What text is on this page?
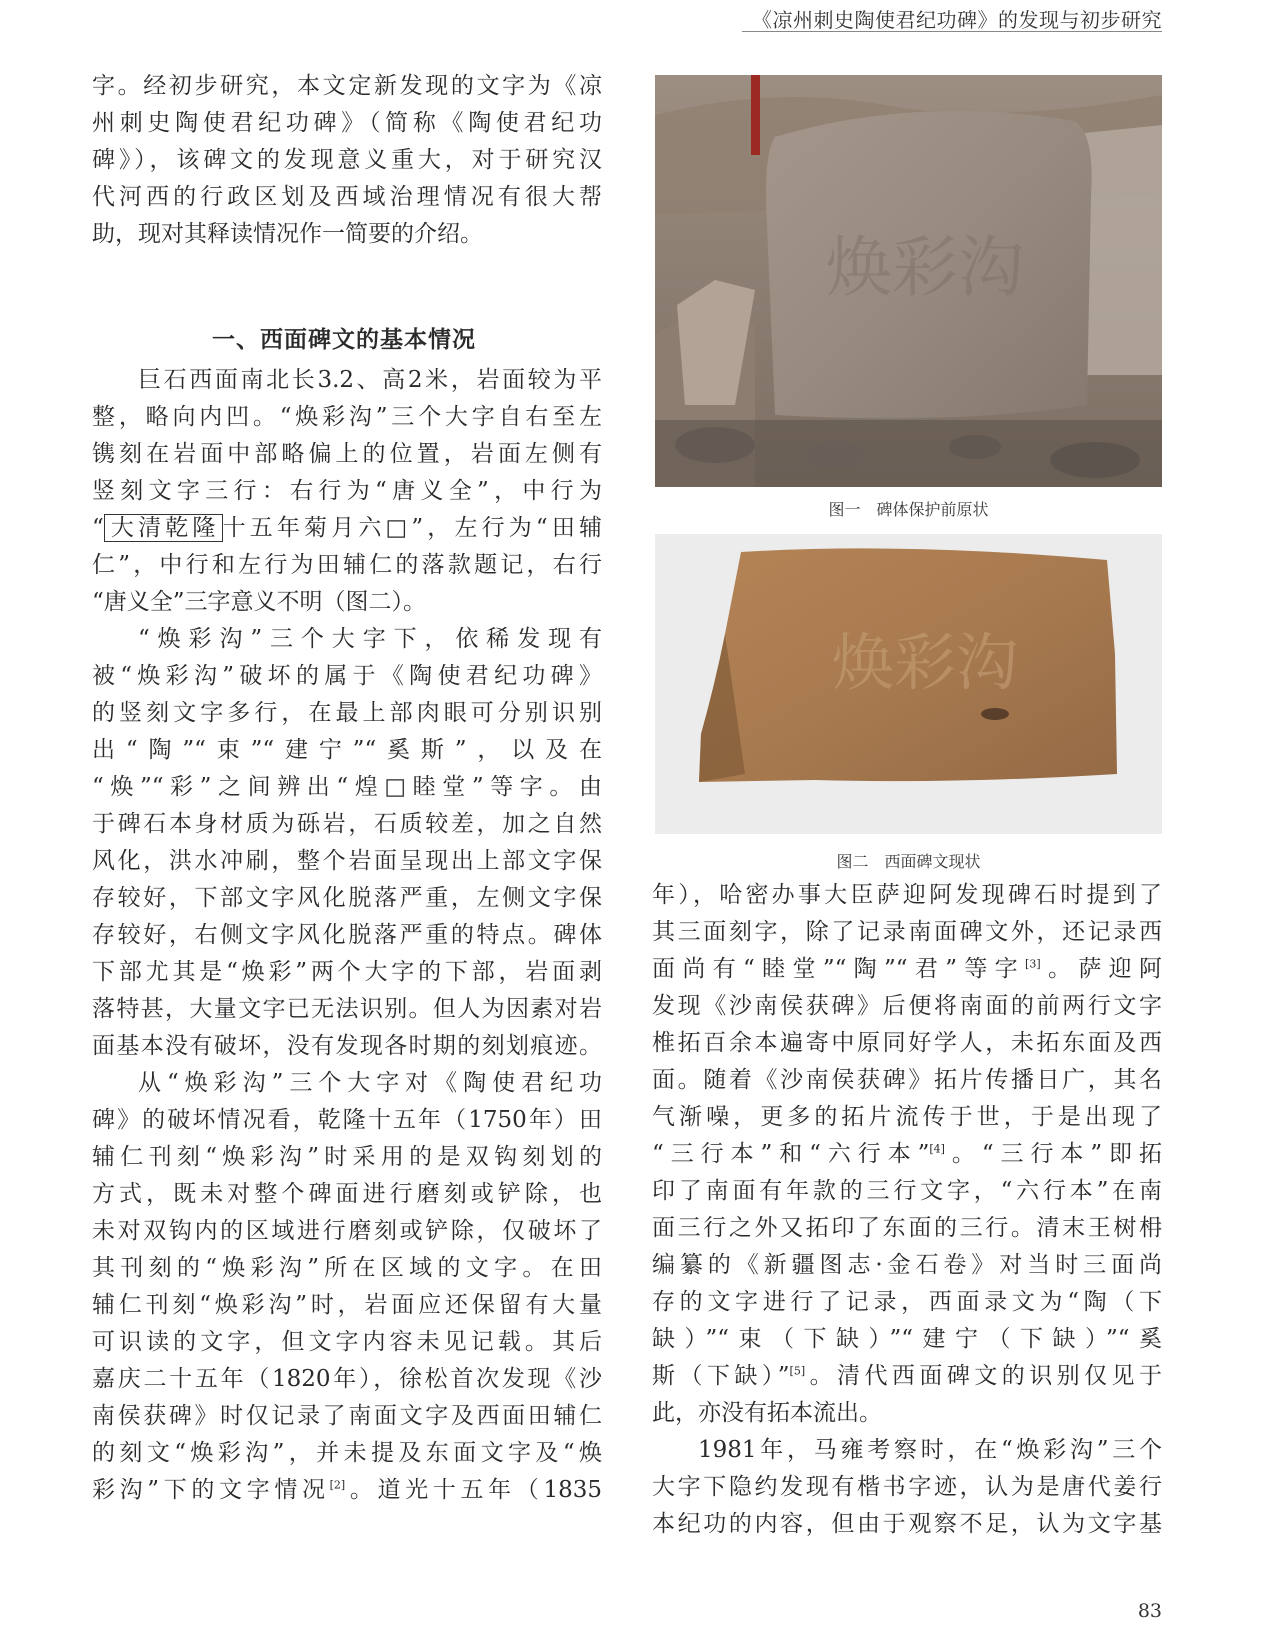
《凉州刺史陶使君纪功碑》的发现与初步研究

字。经初步研究，本文定新发现的文字为《凉
州刺史陶使君纪功碑》（简称《陶使君纪功
碑》），该碑文的发现意义重大，对于研究汉
代河西的行政区划及西域治理情况有很大帮
助，现对其释读情况作一简要的介绍。

一、西面碑文的基本情况

巨石西面南北长3.2、高2米，岩面较为平
整，略向内凹。“焕彩沟”三个大字自右至左
镌刻在岩面中部略偏上的位置，岩面左侧有
竖刻文字三行：右行为“唐义全”，中行为
“ 大清乾隆 十五年菊月六□”，左行为“田辅
仁”，中行和左行为田辅仁的落款题记，右行
“唐义全”三字意义不明（图二）。

“焕彩沟”三个大字下，依稀发现有
被“焕彩沟”破坏的属于《陶使君纪功碑》
的竖刻文字多行，在最上部肉眼可分别识别
出“陶”“束”“建宁”“奚斯”，以及在
“焕”“彩”之间辨出“煌□睦堂”等字。由
于碑石本身材质为砾岩，石质较差，加之自然
风化，洪水冲刷，整个岩面呈现出上部文字保
存较好，下部文字风化脱落严重，左侧文字保
存较好，右侧文字风化脱落严重的特点。碑体
下部尤其是“焕彩”两个大字的下部，岩面剥
落特甚，大量文字已无法识别。但人为因素对岩
面基本没有破坏，没有发现各时期的刻划痕迹。

从“焕彩沟”三个大字对《陶使君纪功
碑》的破坏情况看，乾隆十五年（1750年）田
辅仁刊刻“焕彩沟”时采用的是双钩刻划的
方式，既未对整个碑面进行磨刻或铲除，也
未对双钩内的区域进行磨刻或铲除，仅破坏了
其刊刻的“焕彩沟”所在区域的文字。在田
辅仁刊刻“焕彩沟”时，岩面应还保留有大量
可识读的文字，但文字内容未见记载。其后
嘉庆二十五年（1820年），徐松首次发现《沙
南侯获碑》时仅记录了南面文字及西面田辅仁
的刻文“焕彩沟”，并未提及东面文字及“焕
彩沟”下的文字情况[2]。道光十五年（1835

焕彩沟
图一　碑体保护前原状
焕彩沟
图二　西面碑文现状

年），哈密办事大臣萨迎阿发现碑石时提到了
其三面刻字，除了记录南面碑文外，还记录西
面尚有“睦堂”“陶”“君”等字[3]。萨迎阿
发现《沙南侯获碑》后便将南面的前两行文字
椎拓百余本遍寄中原同好学人，未拓东面及西
面。随着《沙南侯获碑》拓片传播日广，其名
气渐噪，更多的拓片流传于世，于是出现了
“三行本”和“六行本”[4]。“三行本”即拓
印了南面有年款的三行文字，“六行本”在南
面三行之外又拓印了东面的三行。清末王树枏
编纂的《新疆图志·金石卷》对当时三面尚
存的文字进行了记录，西面录文为“陶（下
缺）”“束（下缺）”“建宁（下缺）”“奚
斯（下缺）”[5]。清代西面碑文的识别仅见于
此，亦没有拓本流出。

1981年，马雍考察时，在“焕彩沟”三个
大字下隐约发现有楷书字迹，认为是唐代姜行
本纪功的内容，但由于观察不足，认为文字基

83
